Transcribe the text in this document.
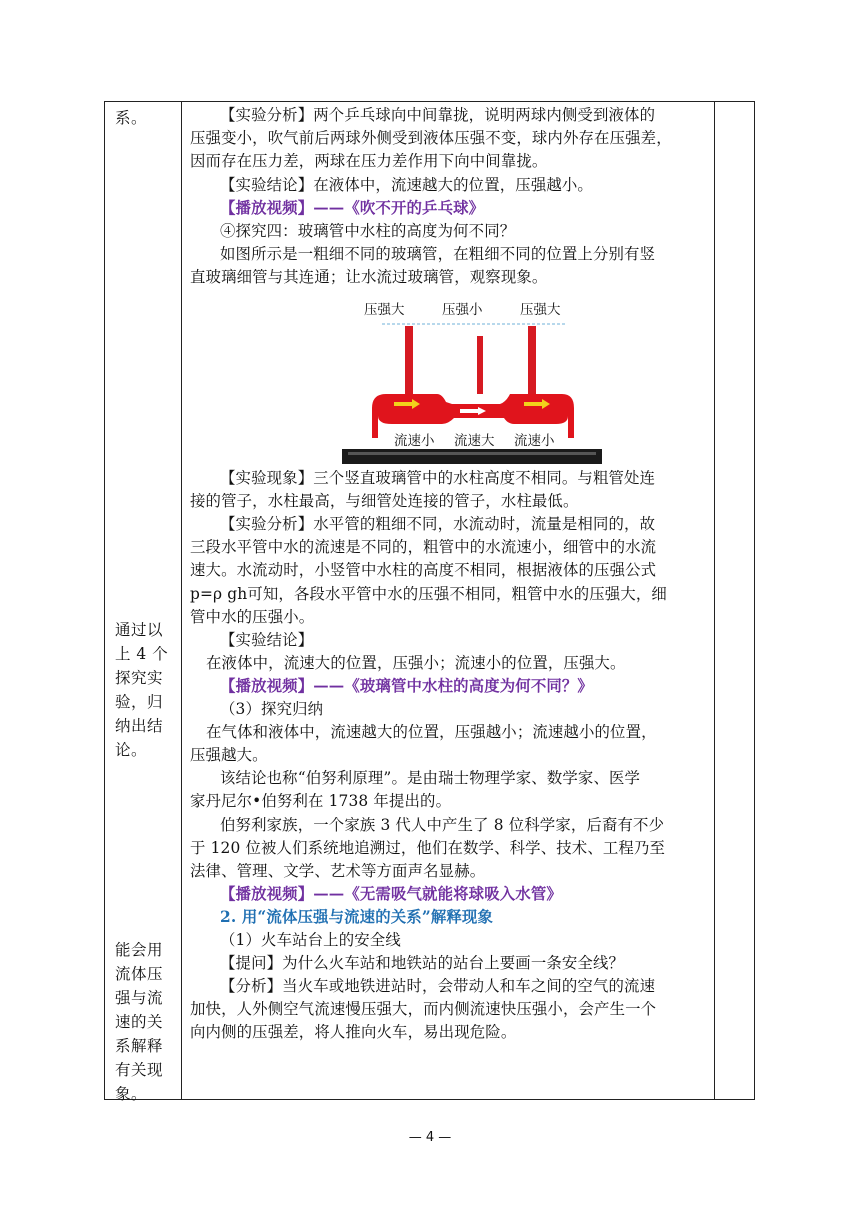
系。
通过以
上 4 个
探究实
验，归
纳出结
论。
能会用
流体压
强与流
速的关
系解释
有关现
象。

压强大	压强小	压强大
流速小 流速大 流速小
【实验分析】两个乒乓球向中间靠拢，说明两球内侧受到液体的
压强变小，吹气前后两球外侧受到液体压强不变，球内外存在压强差，
因而存在压力差，两球在压力差作用下向中间靠拢。
【实验结论】在液体中，流速越大的位置，压强越小。
【播放视频】——《吹不开的乒乓球》
④探究四：玻璃管中水柱的高度为何不同？
如图所示是一粗细不同的玻璃管，在粗细不同的位置上分别有竖
直玻璃细管与其连通；让水流过玻璃管，观察现象。
【实验现象】三个竖直玻璃管中的水柱高度不相同。与粗管处连
接的管子，水柱最高，与细管处连接的管子，水柱最低。
【实验分析】水平管的粗细不同，水流动时，流量是相同的，故
三段水平管中水的流速是不同的，粗管中的水流速小，细管中的水流
速大。水流动时，小竖管中水柱的高度不相同，根据液体的压强公式
p=ρ gh可知，各段水平管中水的压强不相同，粗管中水的压强大，细
管中水的压强小。
【实验结论】
在液体中，流速大的位置，压强小；流速小的位置，压强大。
【播放视频】——《玻璃管中水柱的高度为何不同？》
（3）探究归纳
在气体和液体中，流速越大的位置，压强越小；流速越小的位置，
压强越大。
该结论也称“伯努利原理”。是由瑞士物理学家、数学家、医学
家丹尼尔•伯努利在 1738 年提出的。
伯努利家族，一个家族 3 代人中产生了 8 位科学家，后裔有不少
于 120 位被人们系统地追溯过，他们在数学、科学、技术、工程乃至
法律、管理、文学、艺术等方面声名显赫。
【播放视频】——《无需吸气就能将球吸入水管》
2. 用“流体压强与流速的关系”解释现象
（1）火车站台上的安全线
【提问】为什么火车站和地铁站的站台上要画一条安全线？
【分析】当火车或地铁进站时，会带动人和车之间的空气的流速
加快，人外侧空气流速慢压强大，而内侧流速快压强小，会产生一个
向内侧的压强差，将人推向火车，易出现危险。

— 4 —
